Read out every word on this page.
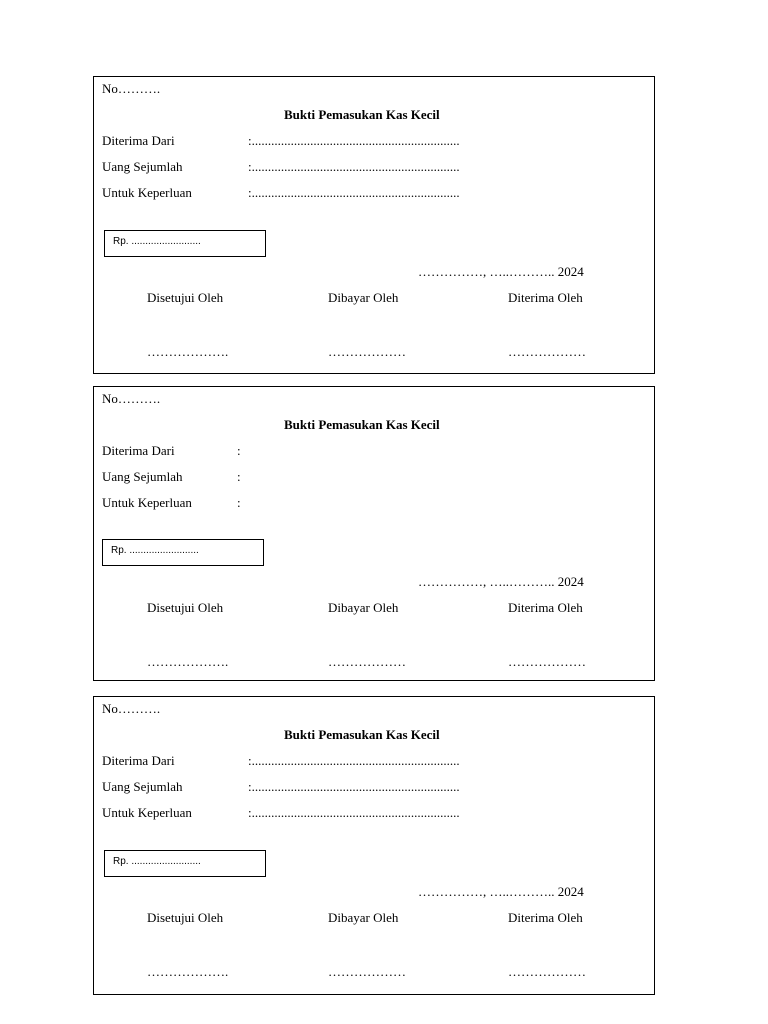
No……….
Bukti Pemasukan Kas Kecil
Diterima Dari	:................................................................
Uang Sejumlah	:................................................................
Untuk Keperluan	:................................................................
Rp. .........................
……………, …..……….. 2024
Disetujui Oleh	Dibayar Oleh	Diterima Oleh
……………….	………………	………………
No……….
Bukti Pemasukan Kas Kecil
Diterima Dari	:
Uang Sejumlah	:
Untuk Keperluan	:
Rp. .........................
……………, …..……….. 2024
Disetujui Oleh	Dibayar Oleh	Diterima Oleh
……………….	………………	………………
No……….
Bukti Pemasukan Kas Kecil
Diterima Dari	:................................................................
Uang Sejumlah	:................................................................
Untuk Keperluan	:................................................................
Rp. .........................
……………, …..……….. 2024
Disetujui Oleh	Dibayar Oleh	Diterima Oleh
……………….	………………	………………
